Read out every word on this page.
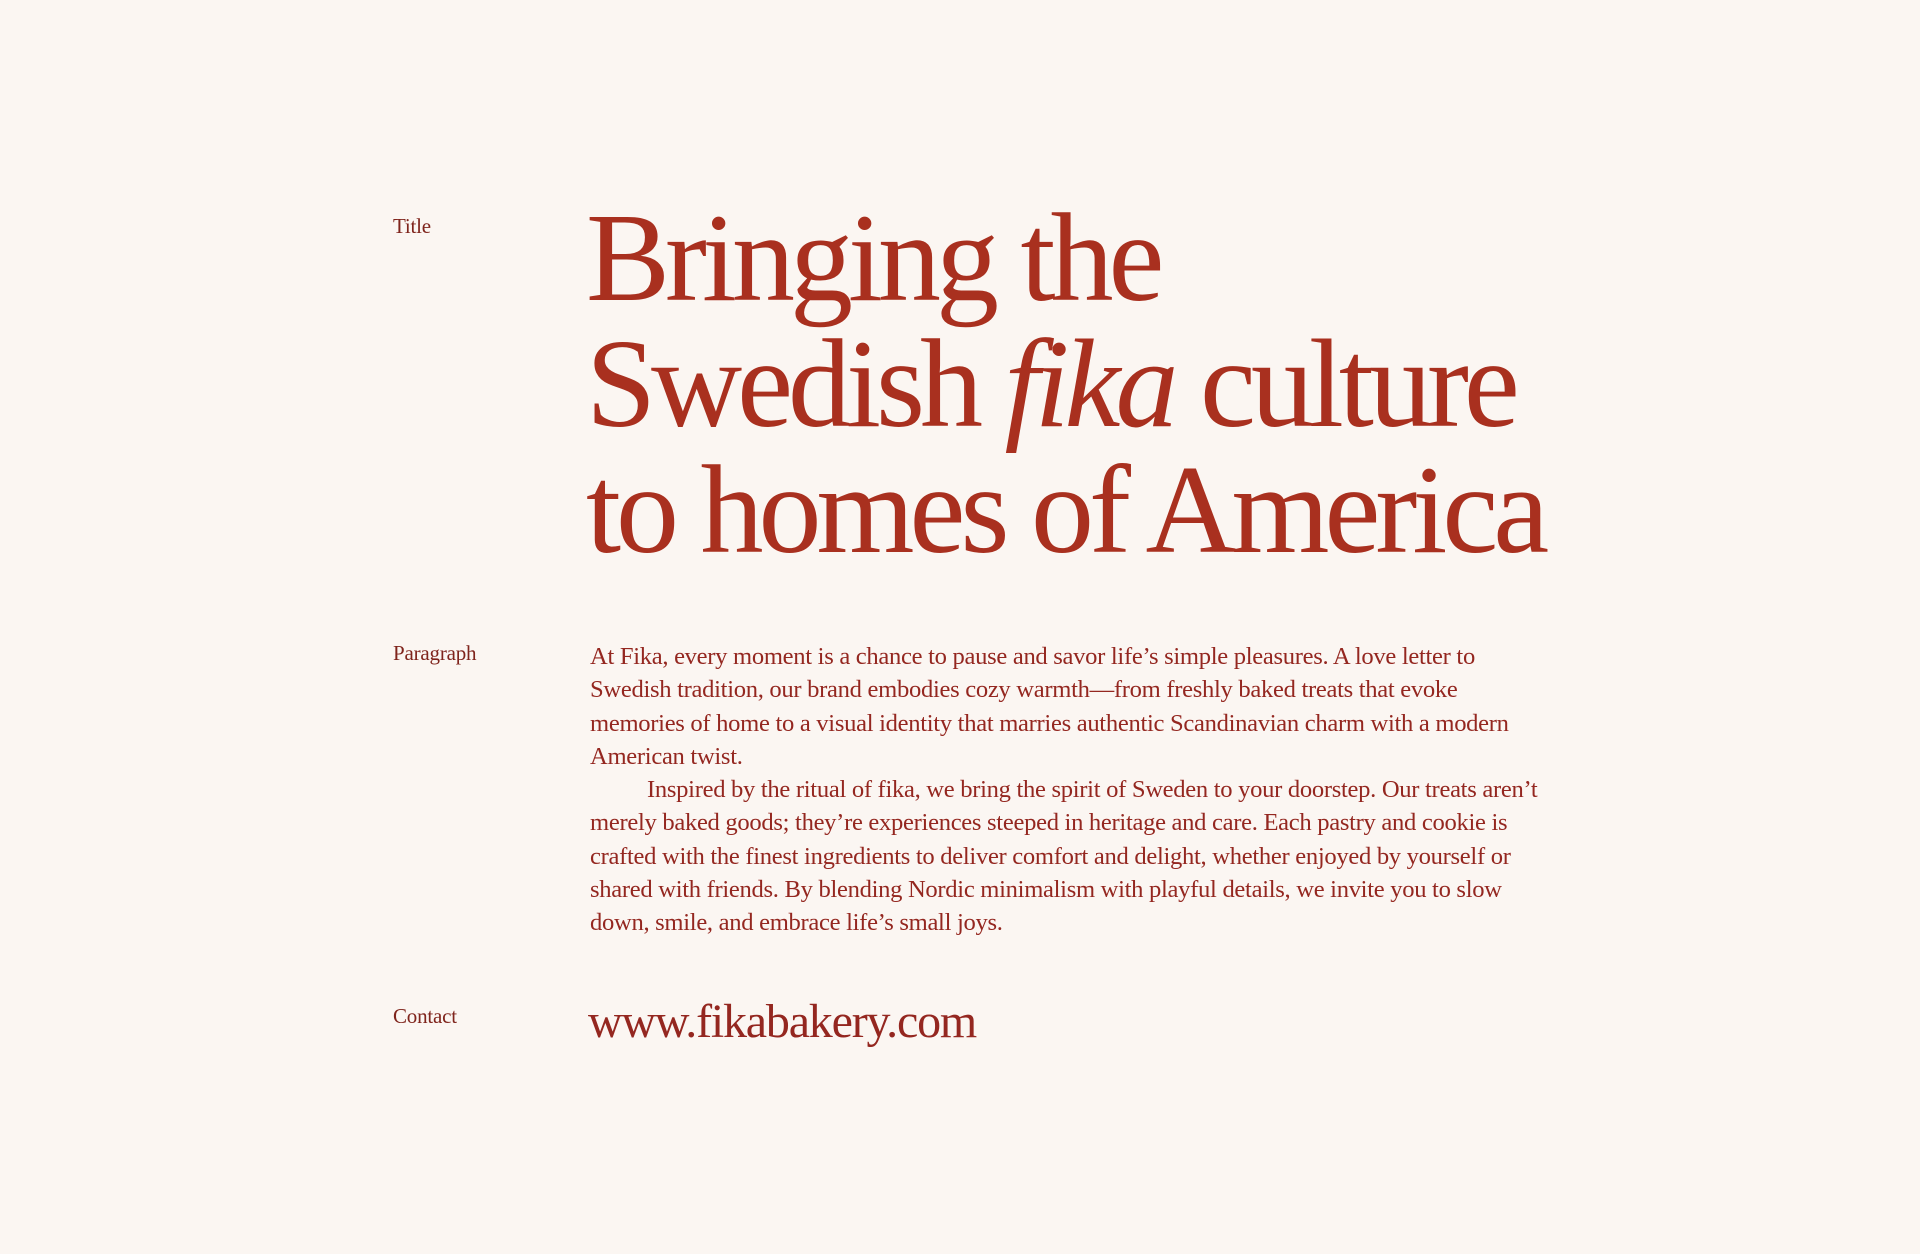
Title
Paragraph
Contact
Bringing the
Swedish fika culture
to homes of America

At Fika, every moment is a chance to pause and savor life’s simple pleasures. A love letter to Swedish tradition, our brand embodies cozy warmth—from freshly baked treats that evoke memories of home to a visual identity that marries authentic Scandinavian charm with a modern American twist.

Inspired by the ritual of fika, we bring the spirit of Sweden to your doorstep. Our treats aren’t merely baked goods; they’re experiences steeped in heritage and care. Each pastry and cookie is crafted with the finest ingredients to deliver comfort and delight, whether enjoyed by yourself or shared with friends. By blending Nordic minimalism with playful details, we invite you to slow down, smile, and embrace life’s small joys.

www.fikabakery.com
